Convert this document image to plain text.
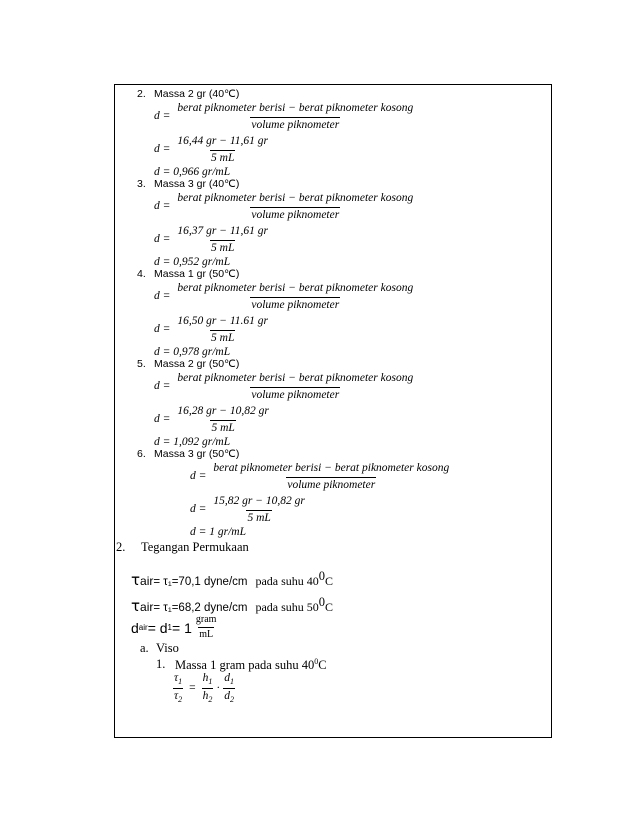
2. Massa 2 gr (40℃)
$d = \frac{\text{berat piknometer berisi − berat piknometer kosong}}{\text{volume piknometer}}$
$d = \frac{16,44 gr - 11,61 gr}{5 mL}$
d = 0,966 gr/mL
3. Massa 3 gr (40℃)
$d = \frac{\text{berat piknometer berisi − berat piknometer kosong}}{\text{volume piknometer}}$
$d = \frac{16,37 gr - 11,61 gr}{5 mL}$
d = 0,952 gr/mL
4. Massa 1 gr (50℃)
$d = \frac{\text{berat piknometer berisi − berat piknometer kosong}}{\text{volume piknometer}}$
$d = \frac{16,50 gr - 11.61 gr}{5 mL}$
d = 0,978 gr/mL
5. Massa 2 gr (50℃)
$d = \frac{\text{berat piknometer berisi − berat piknometer kosong}}{\text{volume piknometer}}$
$d = \frac{16,28 gr - 10,82 gr}{5 mL}$
d = 1,092 gr/mL
6. Massa 3 gr (50℃)
$d = \frac{\text{berat piknometer berisi − berat piknometer kosong}}{\text{volume piknometer}}$
$d = \frac{15,82 gr - 10,82 gr}{5 mL}$
d = 1 gr/mL
2. Tegangan Permukaan
τair= τ₁=70,1 dyne/cm pada suhu $40^0C$
τair= τ₁=68,2 dyne/cm pada suhu $50^0C$
d air = d $1 = 1 \frac{\text{gram}}{mL}$
a. Viso
1. Massa 1 gram pada suhu $40^0C$
$\frac{\tau_1}{\tau_2} = \frac{h_1}{h_2} \cdot \frac{d_1}{d_2}$
